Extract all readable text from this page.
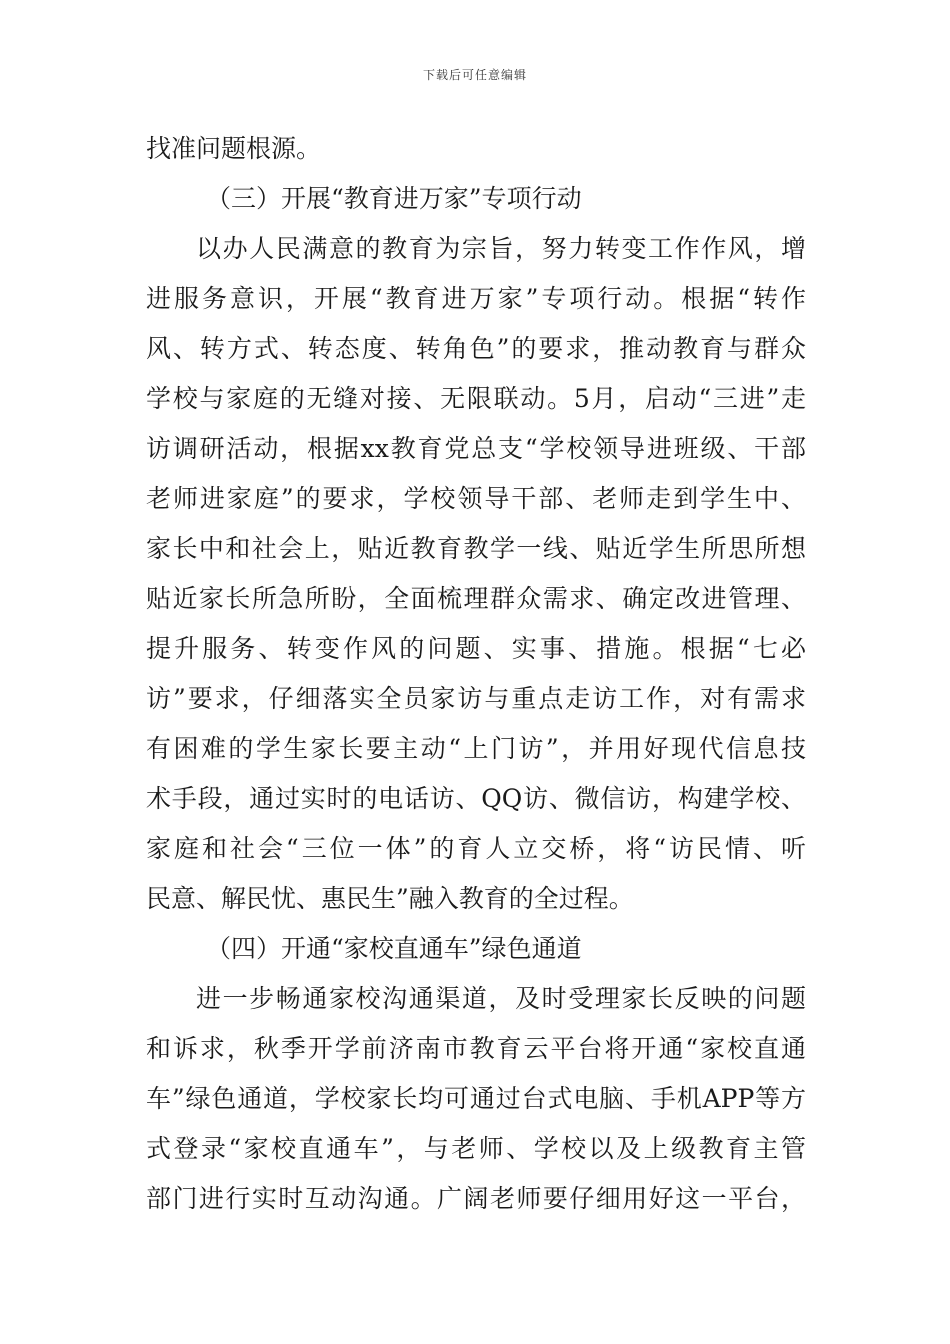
下载后可任意编辑
找准问题根源。
（三）开展“教育进万家”专项行动
以办人民满意的教育为宗旨，努力转变工作作风，增
进服务意识，开展“教育进万家”专项行动。根据“转作
风、转方式、转态度、转角色”的要求，推动教育与群众
学校与家庭的无缝对接、无限联动。5月，启动“三进”走
访调研活动，根据xx教育党总支“学校领导进班级、干部
老师进家庭”的要求，学校领导干部、老师走到学生中、
家长中和社会上，贴近教育教学一线、贴近学生所思所想
贴近家长所急所盼，全面梳理群众需求、确定改进管理、
提升服务、转变作风的问题、实事、措施。根据“七必
访”要求，仔细落实全员家访与重点走访工作，对有需求
有困难的学生家长要主动“上门访”，并用好现代信息技
术手段，通过实时的电话访、QQ访、微信访，构建学校、
家庭和社会“三位一体”的育人立交桥，将“访民情、听
民意、解民忧、惠民生”融入教育的全过程。
（四）开通“家校直通车”绿色通道
进一步畅通家校沟通渠道，及时受理家长反映的问题
和诉求，秋季开学前济南市教育云平台将开通“家校直通
车”绿色通道，学校家长均可通过台式电脑、手机APP等方
式登录“家校直通车”，与老师、学校以及上级教育主管
部门进行实时互动沟通。广阔老师要仔细用好这一平台，
